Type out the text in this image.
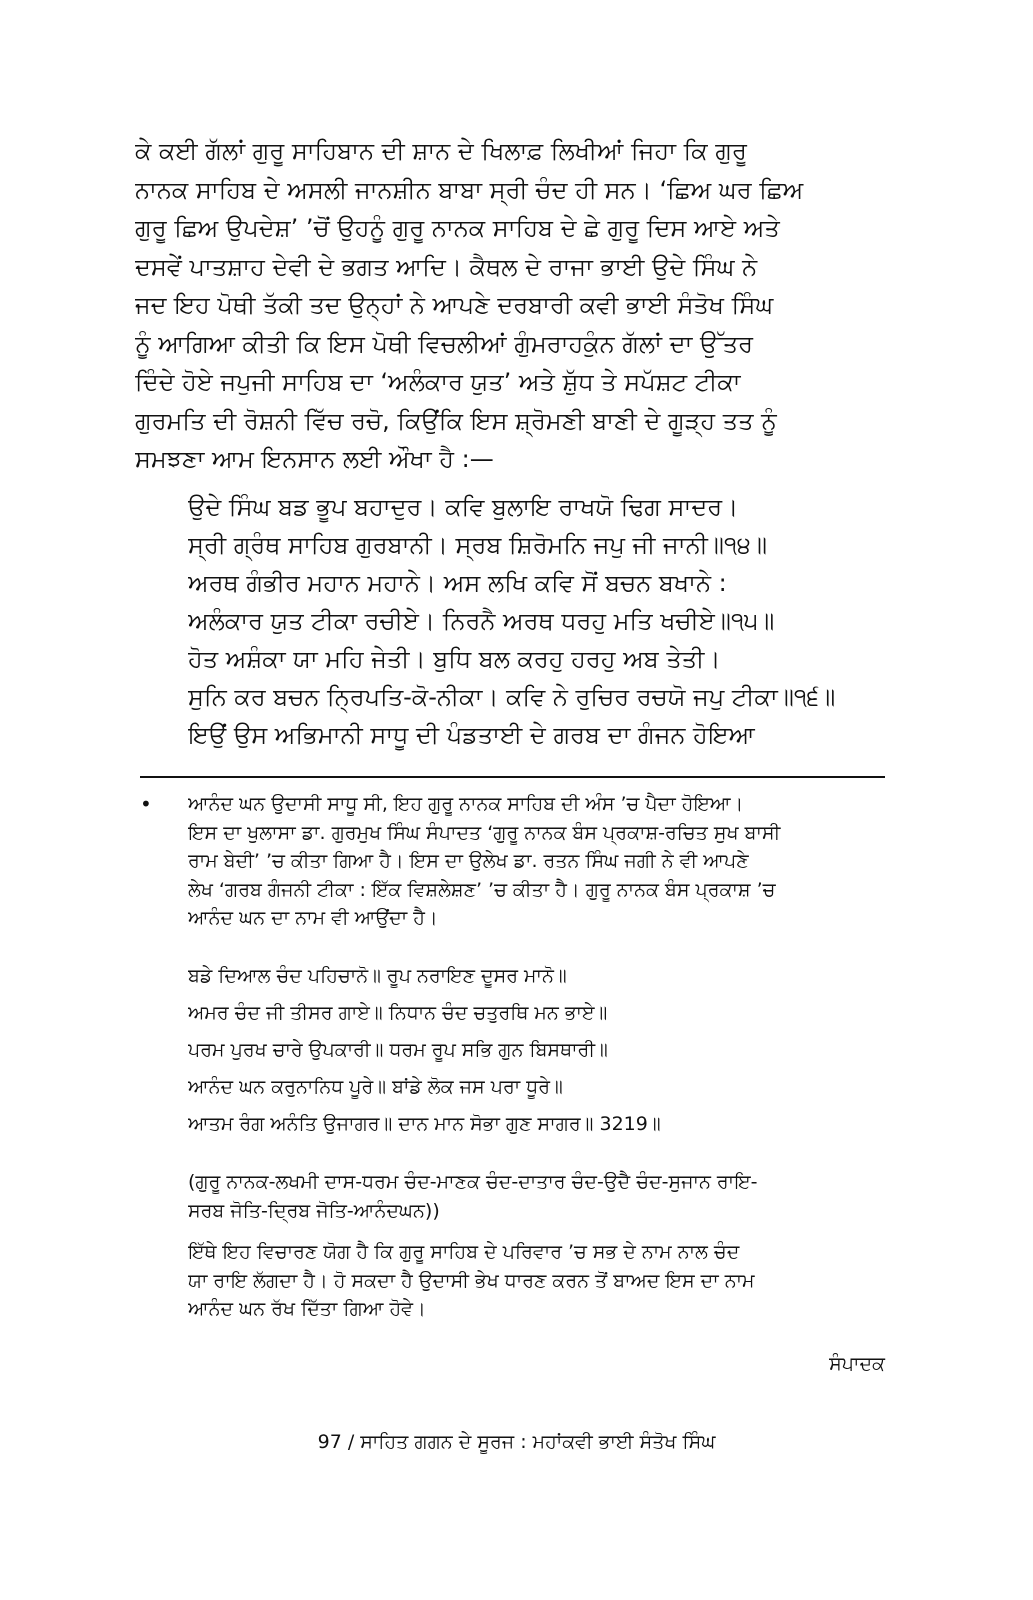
ਕੇ ਕਈ ਗੱਲਾਂ ਗੁਰੂ ਸਾਹਿਬਾਨ ਦੀ ਸ਼ਾਨ ਦੇ ਖਿਲਾਫ਼ ਲਿਖੀਆਂ ਜਿਹਾ ਕਿ ਗੁਰੂ
ਨਾਨਕ ਸਾਹਿਬ ਦੇ ਅਸਲੀ ਜਾਨਸ਼ੀਨ ਬਾਬਾ ਸ੍ਰੀ ਚੰਦ ਹੀ ਸਨ। ‘ਛਿਅ ਘਰ ਛਿਅ
ਗੁਰੂ ਛਿਅ ਉਪਦੇਸ਼’ ’ਚੋਂ ਉਹਨੂੰ ਗੁਰੂ ਨਾਨਕ ਸਾਹਿਬ ਦੇ ਛੇ ਗੁਰੂ ਦਿਸ ਆਏ ਅਤੇ
ਦਸਵੇਂ ਪਾਤਸ਼ਾਹ ਦੇਵੀ ਦੇ ਭਗਤ ਆਦਿ। ਕੈਥਲ ਦੇ ਰਾਜਾ ਭਾਈ ਉਦੇ ਸਿੰਘ ਨੇ
ਜਦ ਇਹ ਪੋਥੀ ਤੱਕੀ ਤਦ ਉਨ੍ਹਾਂ ਨੇ ਆਪਣੇ ਦਰਬਾਰੀ ਕਵੀ ਭਾਈ ਸੰਤੋਖ ਸਿੰਘ
ਨੂੰ ਆਗਿਆ ਕੀਤੀ ਕਿ ਇਸ ਪੋਥੀ ਵਿਚਲੀਆਂ ਗੁੰਮਰਾਹਕੁੰਨ ਗੱਲਾਂ ਦਾ ਉੱਤਰ
ਦਿੰਦੇ ਹੋਏ ਜਪੁਜੀ ਸਾਹਿਬ ਦਾ ‘ਅਲੰਕਾਰ ਯੁਤ’ ਅਤੇ ਸ਼ੁੱਧ ਤੇ ਸਪੱਸ਼ਟ ਟੀਕਾ
ਗੁਰਮਤਿ ਦੀ ਰੋਸ਼ਨੀ ਵਿੱਚ ਰਚੋ, ਕਿਉਂਕਿ ਇਸ ਸ਼੍ਰੋਮਣੀ ਬਾਣੀ ਦੇ ਗੂੜ੍ਹ ਤਤ ਨੂੰ
ਸਮਝਣਾ ਆਮ ਇਨਸਾਨ ਲਈ ਔਖਾ ਹੈ :—
ਉਦੇ ਸਿੰਘ ਬਡ ਭੂਪ ਬਹਾਦੁਰ। ਕਵਿ ਬੁਲਾਇ ਰਾਖਯੋ ਢਿਗ ਸਾਦਰ।
ਸ੍ਰੀ ਗ੍ਰੰਥ ਸਾਹਿਬ ਗੁਰਬਾਨੀ। ਸ੍ਰਬ ਸ਼ਿਰੋਮਨਿ ਜਪੁ ਜੀ ਜਾਨੀ॥੧੪॥
ਅਰਥ ਗੰਭੀਰ ਮਹਾਨ ਮਹਾਨੇ। ਅਸ ਲਖਿ ਕਵਿ ਸੋਂ ਬਚਨ ਬਖਾਨੇ :
ਅਲੰਕਾਰ ਯੁਤ ਟੀਕਾ ਰਚੀਏ। ਨਿਰਨੈ ਅਰਥ ਧਰਹੁ ਮਤਿ ਖਚੀਏ॥੧੫॥
ਹੋਤ ਅਸ਼ੰਕਾ ਯਾ ਮਹਿ ਜੇਤੀ। ਬੁਧਿ ਬਲ ਕਰਹੁ ਹਰਹੁ ਅਬ ਤੇਤੀ।
ਸੁਨਿ ਕਰ ਬਚਨ ਨ੍ਰਿਪਤਿ-ਕੋ-ਨੀਕਾ। ਕਵਿ ਨੇ ਰੁਚਿਰ ਰਚਯੋ ਜਪੁ ਟੀਕਾ॥੧੬॥
ਇਉਂ ਉਸ ਅਭਿਮਾਨੀ ਸਾਧੂ ਦੀ ਪੰਡਤਾਈ ਦੇ ਗਰਬ ਦਾ ਗੰਜਨ ਹੋਇਆ
• ਆਨੰਦ ਘਨ ਉਦਾਸੀ ਸਾਧੂ ਸੀ, ਇਹ ਗੁਰੂ ਨਾਨਕ ਸਾਹਿਬ ਦੀ ਅੰਸ ’ਚ ਪੈਦਾ ਹੋਇਆ।
ਇਸ ਦਾ ਖੁਲਾਸਾ ਡਾ. ਗੁਰਮੁਖ ਸਿੰਘ ਸੰਪਾਦਤ ‘ਗੁਰੂ ਨਾਨਕ ਬੰਸ ਪ੍ਰਕਾਸ਼-ਰਚਿਤ ਸੁਖ ਬਾਸੀ
ਰਾਮ ਬੇਦੀ’ ’ਚ ਕੀਤਾ ਗਿਆ ਹੈ। ਇਸ ਦਾ ਉਲੇਖ ਡਾ. ਰਤਨ ਸਿੰਘ ਜਗੀ ਨੇ ਵੀ ਆਪਣੇ
ਲੇਖ ‘ਗਰਬ ਗੰਜਨੀ ਟੀਕਾ : ਇੱਕ ਵਿਸ਼ਲੇਸ਼ਣ’ ’ਚ ਕੀਤਾ ਹੈ। ਗੁਰੂ ਨਾਨਕ ਬੰਸ ਪ੍ਰਕਾਸ਼ ’ਚ
ਆਨੰਦ ਘਨ ਦਾ ਨਾਮ ਵੀ ਆਉਂਦਾ ਹੈ।
ਬਡੇ ਦਿਆਲ ਚੰਦ ਪਹਿਚਾਨੋ॥ ਰੂਪ ਨਰਾਇਣ ਦੂਸਰ ਮਾਨੋ॥
ਅਮਰ ਚੰਦ ਜੀ ਤੀਸਰ ਗਾਏ॥ ਨਿਧਾਨ ਚੰਦ ਚਤੁਰਥਿ ਮਨ ਭਾਏ॥
ਪਰਮ ਪੁਰਖ ਚਾਰੇ ਉਪਕਾਰੀ॥ ਧਰਮ ਰੂਪ ਸਭਿ ਗੁਨ ਬਿਸਥਾਰੀ॥
ਆਨੰਦ ਘਨ ਕਰੁਨਾਨਿਧ ਪੂਰੇ॥ ਬਾਂਡੇ ਲੋਕ ਜਸ ਪਰਾ ਧੂਰੇ॥
ਆਤਮ ਰੰਗ ਅਨੰਤਿ ਉਜਾਗਰ॥ ਦਾਨ ਮਾਨ ਸੋਭਾ ਗੁਣ ਸਾਗਰ॥ 3219॥
(ਗੁਰੂ ਨਾਨਕ-ਲਖਮੀ ਦਾਸ-ਧਰਮ ਚੰਦ-ਮਾਣਕ ਚੰਦ-ਦਾਤਾਰ ਚੰਦ-ਉਦੈ ਚੰਦ-ਸੁਜਾਨ ਰਾਇ-
ਸਰਬ ਜੋਤਿ-ਦ੍ਰਿਬ ਜੋਤਿ-ਆਨੰਦਘਨ))
ਇੱਥੇ ਇਹ ਵਿਚਾਰਣ ਯੋਗ ਹੈ ਕਿ ਗੁਰੂ ਸਾਹਿਬ ਦੇ ਪਰਿਵਾਰ ’ਚ ਸਭ ਦੇ ਨਾਮ ਨਾਲ ਚੰਦ
ਯਾ ਰਾਇ ਲੱਗਦਾ ਹੈ। ਹੋ ਸਕਦਾ ਹੈ ਉਦਾਸੀ ਭੇਖ ਧਾਰਣ ਕਰਨ ਤੋਂ ਬਾਅਦ ਇਸ ਦਾ ਨਾਮ
ਆਨੰਦ ਘਨ ਰੱਖ ਦਿੱਤਾ ਗਿਆ ਹੋਵੇ।
ਸੰਪਾਦਕ
97 / ਸਾਹਿਤ ਗਗਨ ਦੇ ਸੂਰਜ : ਮਹਾਂਕਵੀ ਭਾਈ ਸੰਤੋਖ ਸਿੰਘ
